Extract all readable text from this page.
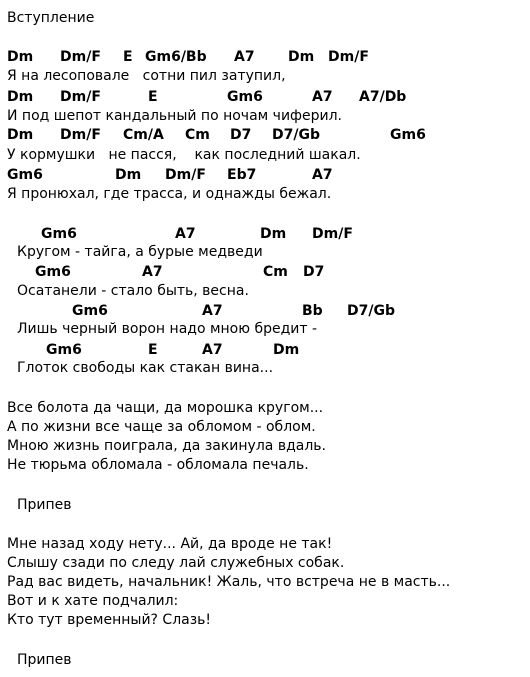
Вступление
Dm Dm/F E Gm6/Bb A7 Dm Dm/F
Я на лесоповале   сотни пил затупил,
Dm Dm/F	E	Gm6	A7 A7/Db
И под шепот кандальный по ночам чиферил.
Dm Dm/F Cm/A Cm D7 D7/Gb	Gm6
У кормушки   не пасся,    как последний шакал.
Gm6	Dm Dm/F Eb7	A7
Я пронюхал, где трасса, и однажды бежал.
Gm6	A7	Dm Dm/F
Кругом - тайга, а бурые медведи
Gm6	A7	Cm D7
Осатанели - стало быть, весна.
Gm6	A7	Bb D7/Gb
Лишь черный ворон надо мною бредит -
Gm6	E	A7	Dm
Глоток свободы как стакан вина...
Все болота да чащи, да морошка кругом...
А по жизни все чаще за обломом - облом.
Мною жизнь поиграла, да закинула вдаль.
Не тюрьма обломала - обломала печаль.
Припев
Мне назад ходу нету... Ай, да вроде не так!
Слышу сзади по следу лай служебных собак.
Рад вас видеть, начальник! Жаль, что встреча не в масть...
Вот и к хате подчалил:
Кто тут временный? Слазь!
Припев
